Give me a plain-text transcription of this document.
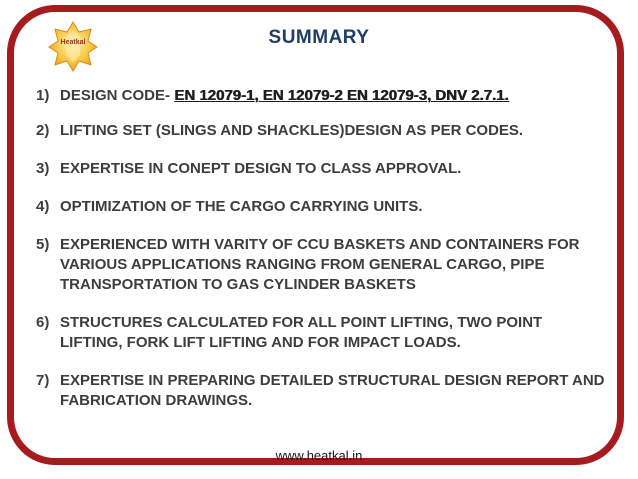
Heatkal	SUMMARY
1) DESIGN CODE- EN 12079-1, EN 12079-2 EN 12079-3, DNV 2.7.1.
2) LIFTING SET (SLINGS AND SHACKLES)DESIGN AS PER CODES.
3) EXPERTISE IN CONEPT DESIGN TO CLASS APPROVAL.
4) OPTIMIZATION OF THE CARGO CARRYING UNITS.
5) EXPERIENCED WITH VARITY OF CCU BASKETS AND CONTAINERS FOR VARIOUS APPLICATIONS RANGING FROM GENERAL CARGO, PIPE TRANSPORTATION TO GAS CYLINDER BASKETS
6) STRUCTURES CALCULATED FOR ALL POINT LIFTING, TWO POINT LIFTING, FORK LIFT LIFTING AND FOR IMPACT LOADS.
7) EXPERTISE IN PREPARING DETAILED STRUCTURAL DESIGN REPORT AND FABRICATION DRAWINGS.
www.heatkal.in
